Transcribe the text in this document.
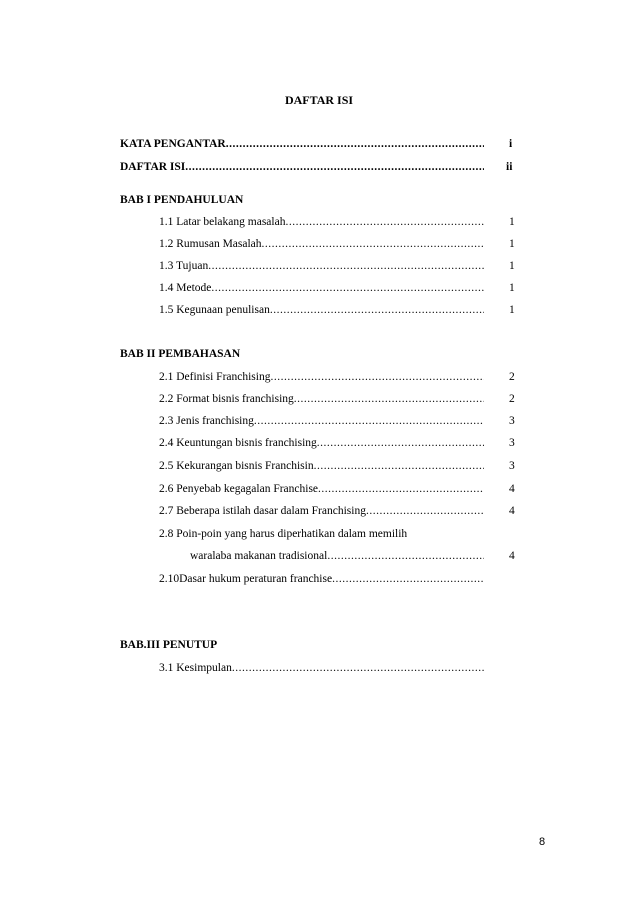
DAFTAR ISI
KATA PENGANTAR .....	i
DAFTAR ISI .....	ii
BAB I PENDAHULUAN
1.1 Latar belakang masalah .....	1
1.2 Rumusan Masalah .....	1
1.3 Tujuan .....	1
1.4 Metode .....	1
1.5 Kegunaan penulisan .....	1
BAB II PEMBAHASAN
2.1 Definisi Franchising .....	2
2.2 Format bisnis franchising .....	2
2.3 Jenis franchising .....	3
2.4 Keuntungan bisnis franchising .....	3
2.5 Kekurangan bisnis Franchisin .....	3
2.6 Penyebab kegagalan Franchise .....	4
2.7 Beberapa istilah dasar dalam Franchising .....	4
2.8 Poin-poin yang harus diperhatikan dalam memilih
waralaba makanan tradisional .....	4
2.10Dasar hukum peraturan franchise
.....
BAB.III PENUTUP
3.1 Kesimpulan
.....
8
